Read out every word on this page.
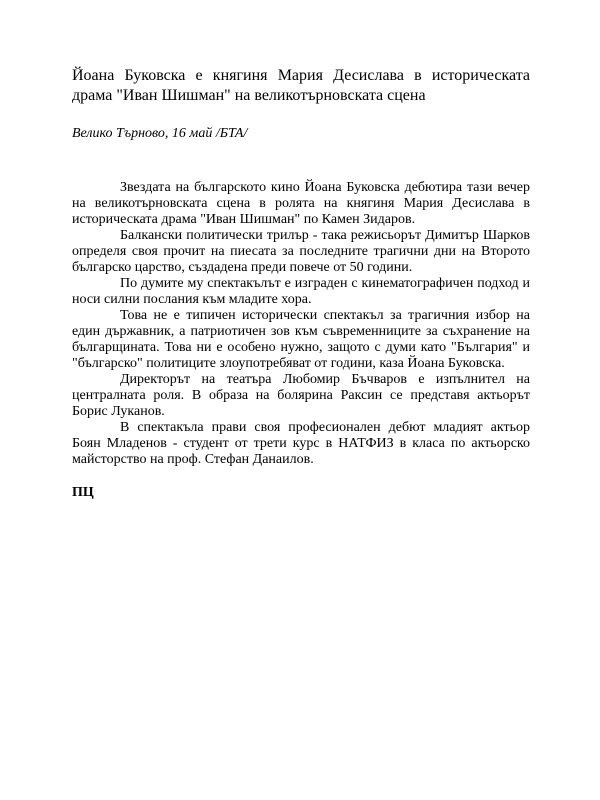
Йоана Буковска е княгиня Мария Десислава в историческата драма "Иван Шишман" на великотърновската сцена

Велико Търново, 16 май /БТА/

Звездата на българското кино Йоана Буковска дебютира тази вечер на великотърновската сцена в ролята на княгиня Мария Десислава в историческата драма "Иван Шишман" по Камен Зидаров.

Балкански политически трилър - така режисьорът Димитър Шарков определя своя прочит на пиесата за последните трагични дни на Второто българско царство, създадена преди повече от 50 години.

По думите му спектакълът е изграден с кинематографичен подход и носи силни послания към младите хора.

Това не е типичен исторически спектакъл за трагичния избор на един държавник, а патриотичен зов към съвременниците за съхранение на българщината. Това ни е особено нужно, защото с думи като "България" и "българско" политиците злоупотребяват от години, каза Йоана Буковска.

Директорът на театъра Любомир Бъчваров е изпълнител на централната роля. В образа на болярина Раксин се представя актьорът Борис Луканов.

В спектакъла прави своя професионален дебют младият актьор Боян Младенов - студент от трети курс в НАТФИЗ в класа по актьорско майсторство на проф. Стефан Данаилов.

ПЦ
